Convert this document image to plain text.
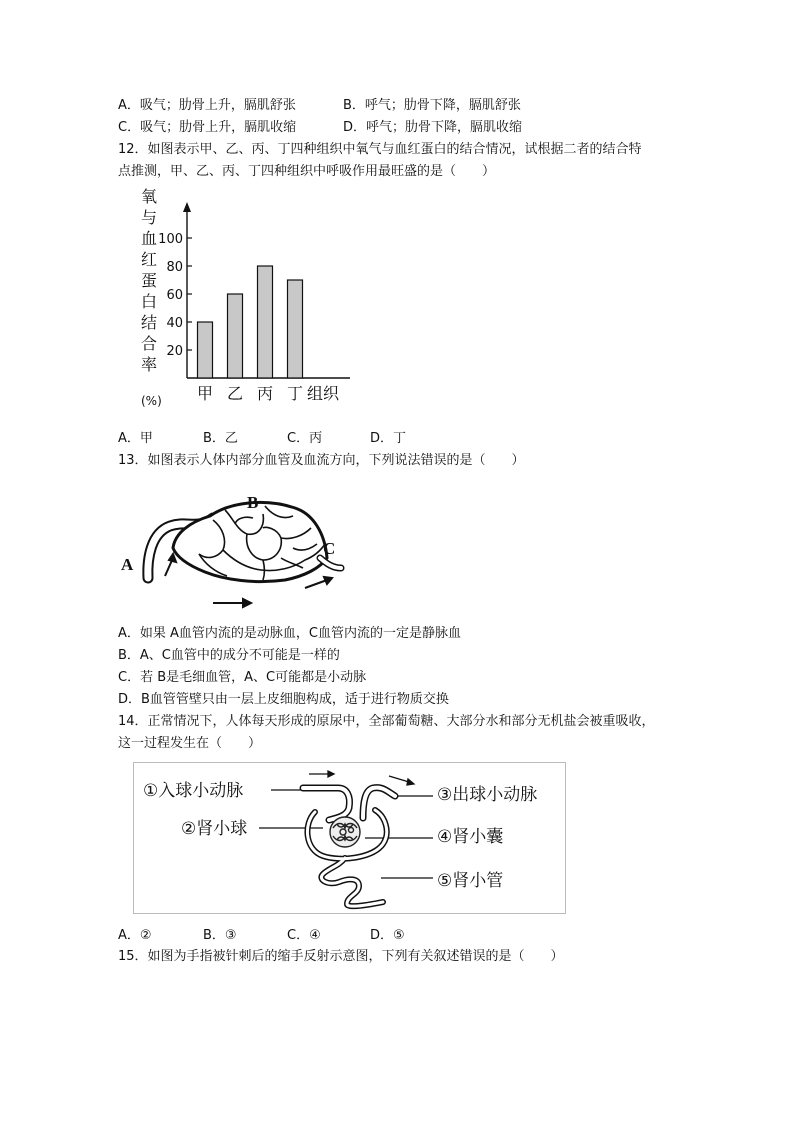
A．吸气；肋骨上升，膈肌舒张	B．呼气；肋骨下降，膈肌舒张
C．吸气；肋骨上升，膈肌收缩	D．呼气；肋骨下降，膈肌收缩
12．如图表示甲、乙、丙、丁四种组织中氧气与血红蛋白的结合情况，试根据二者的结合特
点推测，甲、乙、丙、丁四种组织中呼吸作用最旺盛的是（　　）
氧与血红蛋白结合率(%)
20
40
60
80
100
甲 乙 丙 丁 组织
A．甲	B．乙	C．丙	D．丁
13．如图表示人体内部分血管及血流方向，下列说法错误的是（　　）
A
B
C
A．如果 A血管内流的是动脉血，C血管内流的一定是静脉血
B．A、C血管中的成分不可能是一样的
C．若 B是毛细血管，A、C可能都是小动脉
D．B血管管壁只由一层上皮细胞构成，适于进行物质交换
14．正常情况下，人体每天形成的原尿中，全部葡萄糖、大部分水和部分无机盐会被重吸收，
这一过程发生在（　　）
①入球小动脉
②肾小球
③出球小动脉
④肾小囊
⑤肾小管
A．②	B．③	C．④	D．⑤
15．如图为手指被针刺后的缩手反射示意图，下列有关叙述错误的是（　　）
